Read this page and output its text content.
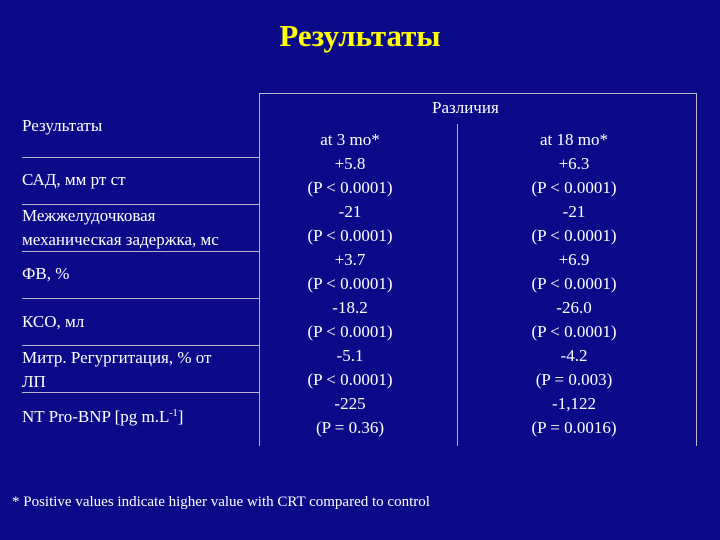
Результаты
Результаты
Различия
at 3 mo*	at 18 mo*
САД, мм рт ст
Межжелудочковая
механическая задержка, мс
ФВ, %
КСО, мл
Митр. Регургитация, % от
ЛП
NT Pro-BNP [pg $m.L^{-1}$]
+5.8
(P < 0.0001)
-21
(P < 0.0001)
+3.7
(P < 0.0001)
-18.2
(P < 0.0001)
-5.1
(P < 0.0001)
-225
(P = 0.36)
+6.3
(P < 0.0001)
-21
(P < 0.0001)
+6.9
(P < 0.0001)
-26.0
(P < 0.0001)
-4.2
(P = 0.003)
-1,122
(P = 0.0016)
* Positive values indicate higher value with CRT compared to control
